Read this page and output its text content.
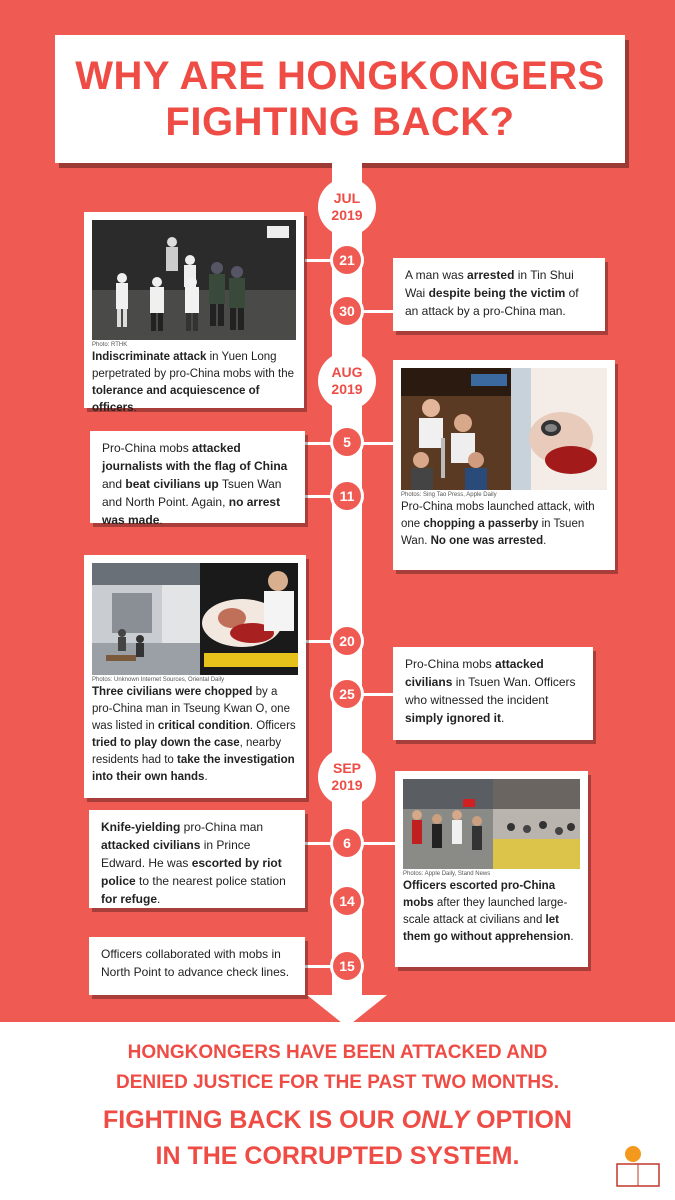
WHY ARE HONGKONGERS
FIGHTING BACK?
JUL
2019
AUG
2019
SEP
2019
21
30
5
11
20
25
6
14
15
Photo: RTHK
Indiscriminate attack in Yuen Long perpetrated by pro-China mobs with the tolerance and acquiescence of officers.
A man was arrested in Tin Shui Wai despite being the victim of an attack by a pro-China man.
Pro-China mobs attacked journalists with the flag of China and beat civilians up Tsuen Wan and North Point. Again, no arrest was made.
Photos: Sing Tao Press, Apple Daily
Pro-China mobs launched attack, with one chopping a passerby in Tsuen Wan. No one was arrested.
Photos: Unknown Internet Sources, Oriental Daily
Three civilians were chopped by a pro-China man in Tseung Kwan O, one was listed in critical condition. Officers tried to play down the case, nearby residents had to take the investigation into their own hands.
Pro-China mobs attacked civilians in Tsuen Wan. Officers who witnessed the incident simply ignored it.
Knife-yielding pro-China man attacked civilians in Prince Edward. He was escorted by riot police to the nearest police station for refuge.
Photos: Apple Daily, Stand News
Officers escorted pro-China mobs after they launched large-scale attack at civilians and let them go without apprehension.
Officers collaborated with mobs in North Point to advance check lines.
HONGKONGERS HAVE BEEN ATTACKED AND
DENIED JUSTICE FOR THE PAST TWO MONTHS.
FIGHTING BACK IS OUR ONLY OPTION
IN THE CORRUPTED SYSTEM.
